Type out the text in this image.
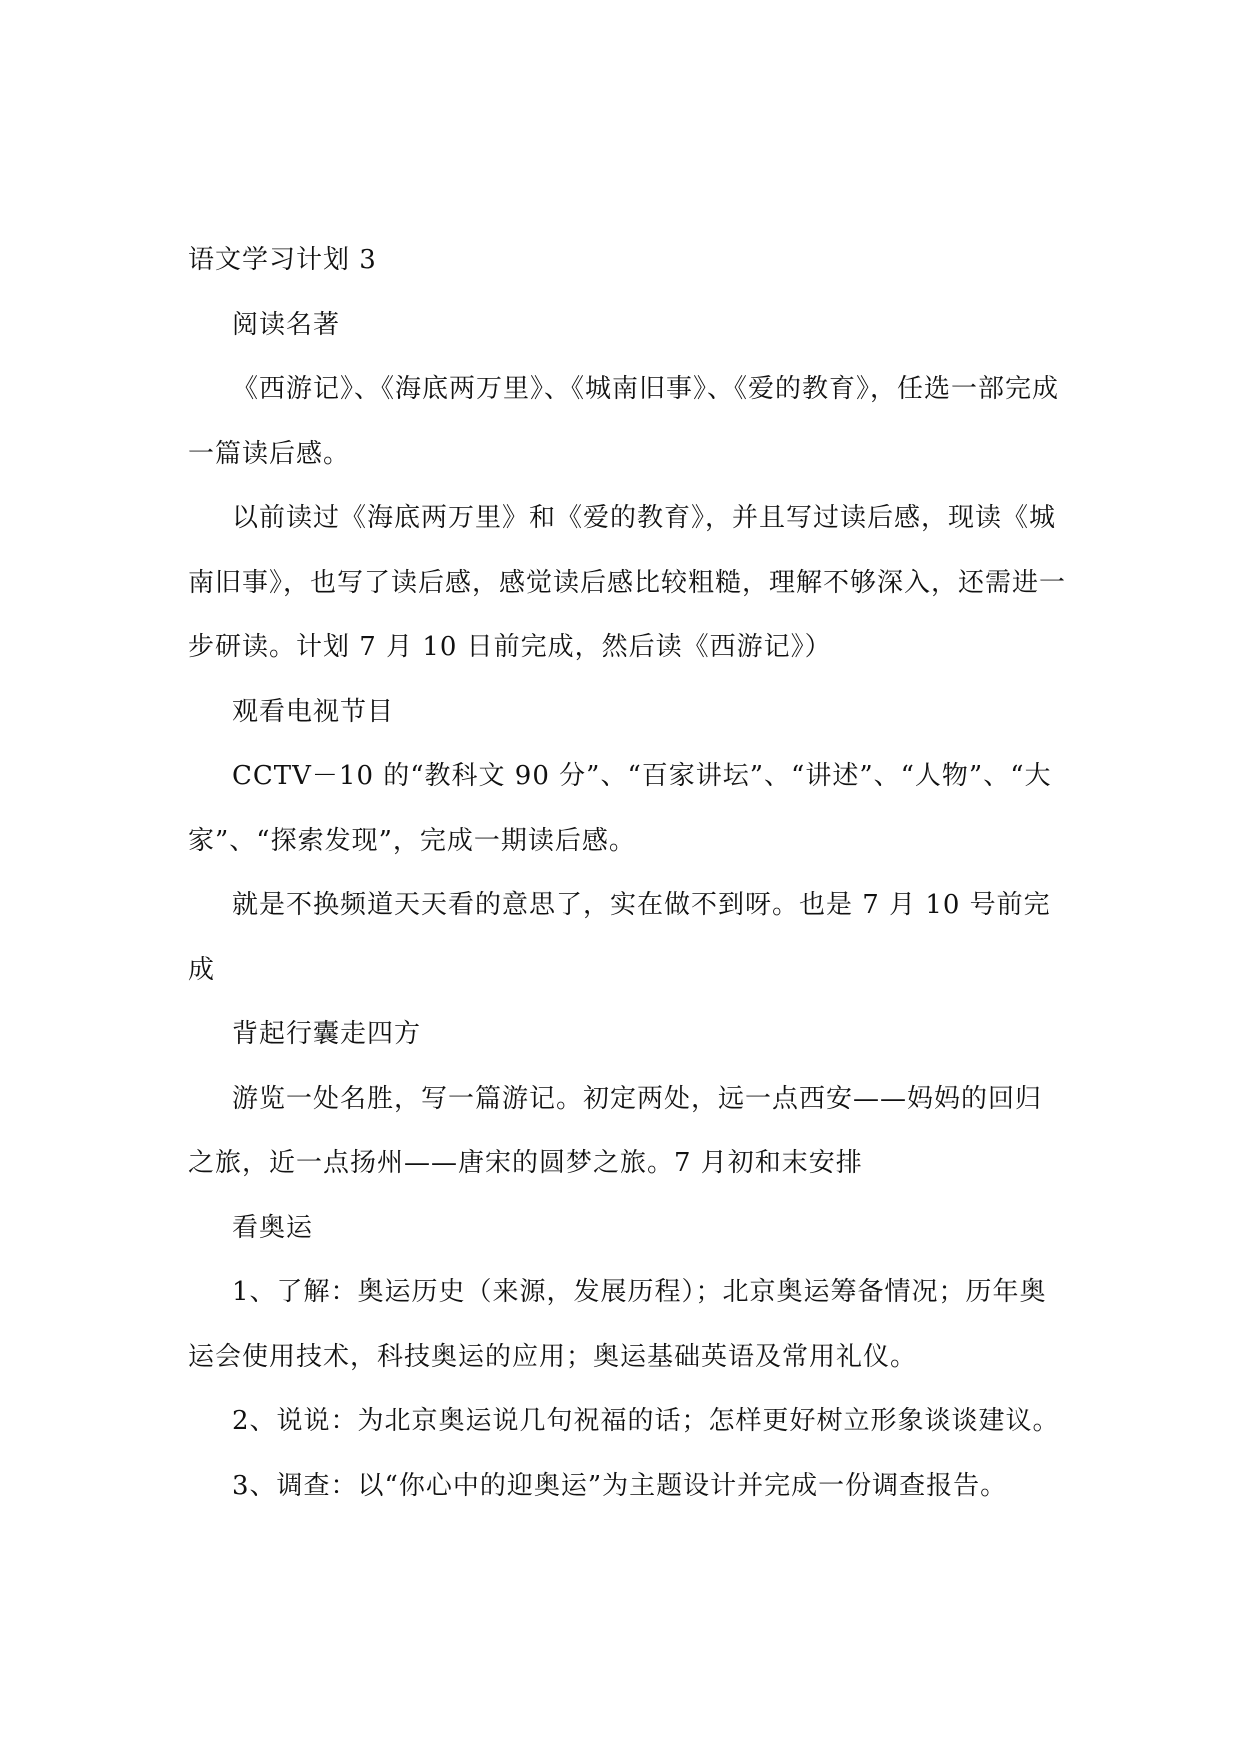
语文学习计划 3

阅读名著

《西游记》、《海底两万里》、《城南旧事》、《爱的教育》，任选一部完成一篇读后感。

以前读过《海底两万里》和《爱的教育》，并且写过读后感，现读《城南旧事》，也写了读后感，感觉读后感比较粗糙，理解不够深入，还需进一步研读。计划 7 月 10 日前完成，然后读《西游记》）

观看电视节目

CCTV－10 的“教科文 90 分”、“百家讲坛”、“讲述”、“人物”、“大家”、“探索发现”，完成一期读后感。

就是不换频道天天看的意思了，实在做不到呀。也是 7 月 10 号前完成

背起行囊走四方

游览一处名胜，写一篇游记。初定两处，远一点西安——妈妈的回归之旅，近一点扬州——唐宋的圆梦之旅。7 月初和末安排

看奥运

1、了解：奥运历史（来源，发展历程）；北京奥运筹备情况；历年奥运会使用技术，科技奥运的应用；奥运基础英语及常用礼仪。

2、说说：为北京奥运说几句祝福的话；怎样更好树立形象谈谈建议。

3、调查：以“你心中的迎奥运”为主题设计并完成一份调查报告。
